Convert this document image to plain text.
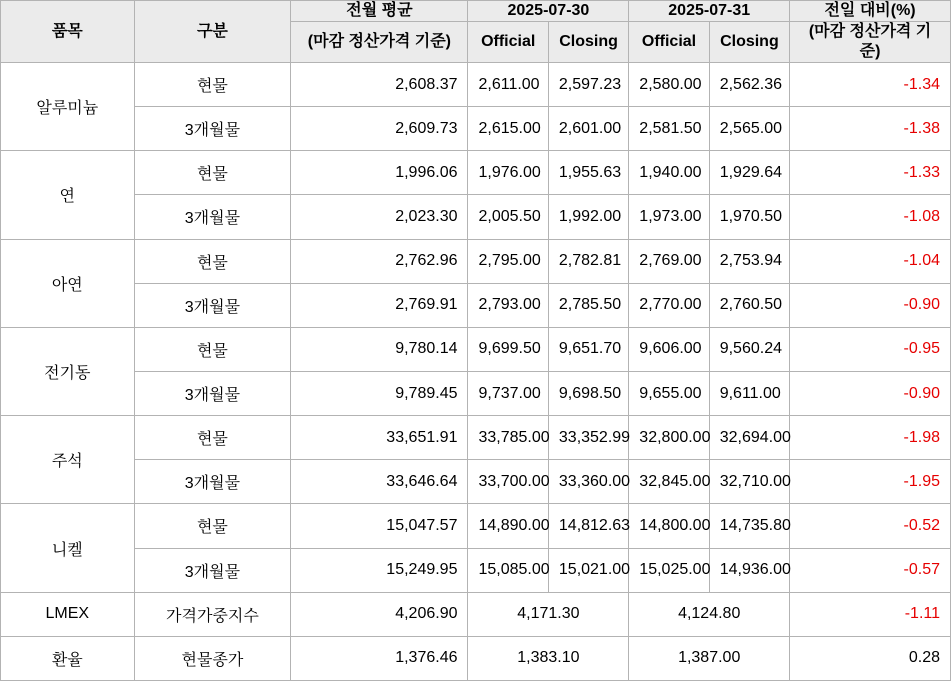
품목	구분	전월 평균	2025-07-30		2025-07-31		전일 대비(%)
		(마감 정산가격 기준)	Official	Closing	Official	Closing	(마감 정산가격 기준)
알루미늄	현물	2,608.37	2,611.00	2,597.23	2,580.00	2,562.36	-1.34
	3개월물	2,609.73	2,615.00	2,601.00	2,581.50	2,565.00	-1.38
연	현물	1,996.06	1,976.00	1,955.63	1,940.00	1,929.64	-1.33
	3개월물	2,023.30	2,005.50	1,992.00	1,973.00	1,970.50	-1.08
아연	현물	2,762.96	2,795.00	2,782.81	2,769.00	2,753.94	-1.04
	3개월물	2,769.91	2,793.00	2,785.50	2,770.00	2,760.50	-0.90
전기동	현물	9,780.14	9,699.50	9,651.70	9,606.00	9,560.24	-0.95
	3개월물	9,789.45	9,737.00	9,698.50	9,655.00	9,611.00	-0.90
주석	현물	33,651.91	33,785.00	33,352.99	32,800.00	32,694.00	-1.98
	3개월물	33,646.64	33,700.00	33,360.00	32,845.00	32,710.00	-1.95
니켈	현물	15,047.57	14,890.00	14,812.63	14,800.00	14,735.80	-0.52
	3개월물	15,249.95	15,085.00	15,021.00	15,025.00	14,936.00	-0.57
LMEX	가격가중지수	4,206.90	4,171.30		4,124.80		-1.11
환율	현물종가	1,376.46	1,383.10		1,387.00		0.28
